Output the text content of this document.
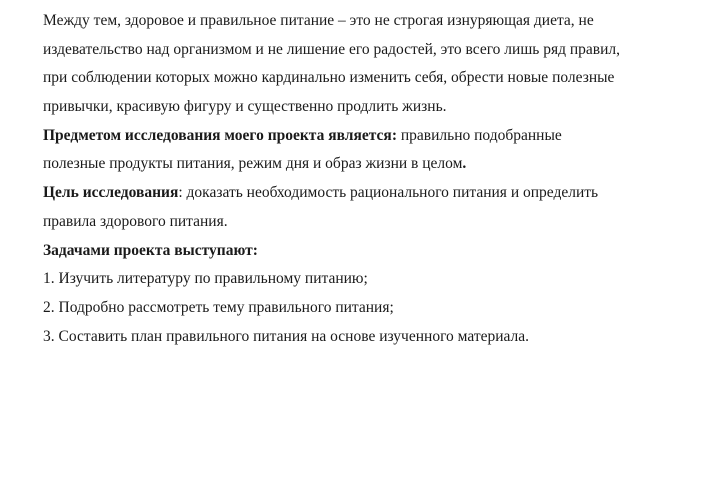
Между тем, здоровое и правильное питание – это не строгая изнуряющая диета, не
издевательство над организмом и не лишение его радостей, это всего лишь ряд правил,
при соблюдении которых можно кардинально изменить себя, обрести новые полезные
привычки, красивую фигуру и существенно продлить жизнь.
Предметом исследования моего проекта является: правильно подобранные
полезные продукты питания, режим дня и образ жизни в целом.
Цель исследования: доказать необходимость рационального питания и определить
правила здорового питания.
Задачами проекта выступают:
1. Изучить литературу по правильному питанию;
2. Подробно рассмотреть тему правильного питания;
3. Составить план правильного питания на основе изученного материала.
